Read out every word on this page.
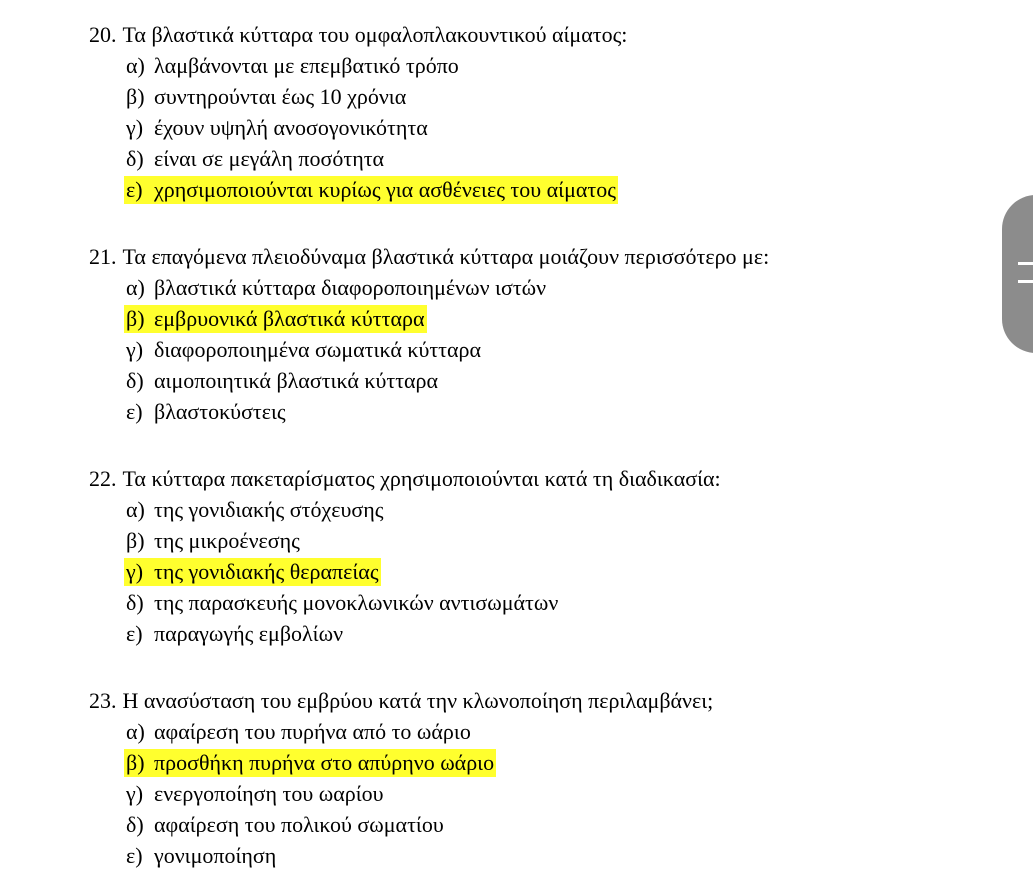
20. Τα βλαστικά κύτταρα του ομφαλοπλακουντικού αίματος:
α) λαμβάνονται με επεμβατικό τρόπο
β) συντηρούνται έως 10 χρόνια
γ) έχουν υψηλή ανοσογονικότητα
δ) είναι σε μεγάλη ποσότητα
ε) χρησιμοποιούνται κυρίως για ασθένειες του αίματος
21. Τα επαγόμενα πλειοδύναμα βλαστικά κύτταρα μοιάζουν περισσότερο με:
α) βλαστικά κύτταρα διαφοροποιημένων ιστών
β) εμβρυονικά βλαστικά κύτταρα
γ) διαφοροποιημένα σωματικά κύτταρα
δ) αιμοποιητικά βλαστικά κύτταρα
ε) βλαστοκύστεις
22. Τα κύτταρα πακεταρίσματος χρησιμοποιούνται κατά τη διαδικασία:
α) της γονιδιακής στόχευσης
β) της μικροένεσης
γ) της γονιδιακής θεραπείας
δ) της παρασκευής μονοκλωνικών αντισωμάτων
ε) παραγωγής εμβολίων
23. Η ανασύσταση του εμβρύου κατά την κλωνοποίηση περιλαμβάνει;
α) αφαίρεση του πυρήνα από το ωάριο
β) προσθήκη πυρήνα στο απύρηνο ωάριο
γ) ενεργοποίηση του ωαρίου
δ) αφαίρεση του πολικού σωματίου
ε) γονιμοποίηση
